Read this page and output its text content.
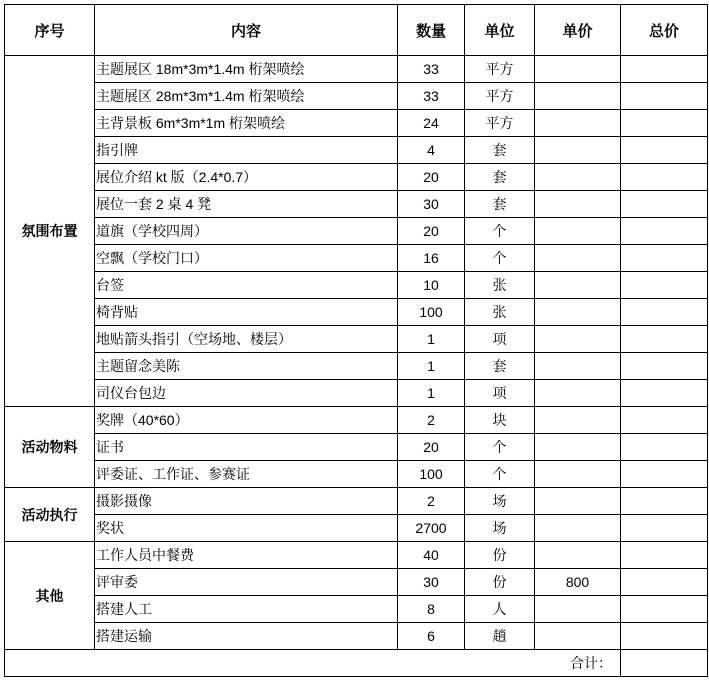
序号	内容	数量	单位	单价	总价
氛围布置	主题展区 18m*3m*1.4m 桁架喷绘	33	平方		
	主题展区 28m*3m*1.4m 桁架喷绘	33	平方		
	主背景板 6m*3m*1m 桁架喷绘	24	平方		
	指引牌	4	套		
	展位介绍 kt 版（2.4*0.7）	20	套		
	展位一套 2 桌 4 凳	30	套		
	道旗（学校四周）	20	个		
	空飘（学校门口）	16	个		
	台签	10	张		
	椅背贴	100	张		
	地贴箭头指引（空场地、楼层）	1	项		
	主题留念美陈	1	套		
	司仪台包边	1	项		
活动物料	奖牌（40*60）	2	块		
	证书	20	个		
	评委证、工作证、参赛证	100	个		
活动执行	摄影摄像	2	场		
	奖状	2700	场		
其他	工作人员中餐费	40	份		
	评审委	30	份	800	
	搭建人工	8	人		
	搭建运输	6	趟		
合计：					
